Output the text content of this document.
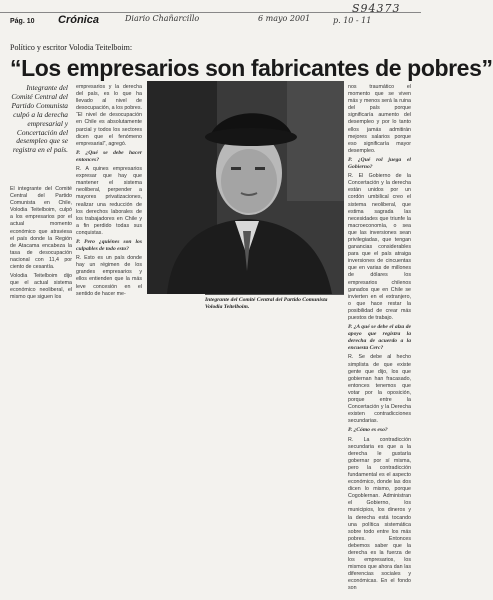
Pág. 10 Crónica	Diario Chañarcillo	6 mayo 2001	p. 10 - 11
S94373
Político y escritor Volodia Teitelboim:
“Los empresarios son fabricantes de pobres”
Integrante del Comité Central del Partido Comunista culpó a la derecha empresarial y Concertación del desempleo que se registra en el país.

El integrante del Comité Central del Partido Comunista en Chile, Volodia Teitelboim, culpó a los empresarios por el actual momento económico que atraviesa el país donde la Región de Atacama encabeza la tasa de desocupación nacional con 11,4 por ciento de cesantía.

Volodia Teitelboim dijo que el actual sistema económico neoliberal, el mismo que siguen los

empresarios y la derecha del país, es lo que ha llevado al nivel de desocupación, a los pobres. “El nivel de desocupación en Chile es absolutamente parcial y todos los sectores dicen que el fenómeno empresarial”, agregó.

P. ¿Qué se debe hacer entonces?

R. A quines empresarios expresar que hay que mantener el sistema neoliberal, perpender a mayores privatizaciones, realizar una reducción de los derechos laborales de los trabajadores en Chile y a fin perdido todas sus conquistas.

P. Pero ¿quiénes son los culpables de todo esto?

R. Esto es un país donde hay un régimen de los grandes empresarios y ellos entienden que la más leve concesión en el sentido de hacer me-

Integrante del Comité Central del Partido Comunista Volodia Teitelboim.

nos traumático el momento que se viven más y menos será la ruina del país porque significaría aumento del desempleo y por lo tanto ellos jamás admitirán mejores salarios porque eso significaría mayor desempleo.

P. ¿Qué rol juega el Gobierno?

R. El Gobierno de la Concertación y la derecha están unidos por un cordón umbilical creo el sistema neoliberal, que estima sagrada las necesidades que triunfe la macroeconomía, o sea que las inversiones sean privilegiadas, que tengan ganancias considerables para que el país atraiga inversiones de cincuentas que en varias de millones de dólares los empresarios chilenos ganados que en Chile se invierten en el extranjero, o que hace restar la posibilidad de crear más puestos de trabajo.

P. ¿A qué se debe el alza de apoyo que registra la derecha de acuerdo a la encuesta Cerc?

R. Se debe al hecho simplista de que existe gente que dijo, los que gobiernan han fracasado, entonces tenemos que votar por la oposición, porque entre la Concertación y la Derecha existen contradicciones secundarias.

P. ¿Cómo es eso?

R. La contradicción secundaria es que a la derecha le gustaría gobernar por sí misma, pero la contradicción fundamental es el aspecto económico, donde las dos dicen lo mismo, porque Cogoblernan. Administran el Gobierno, los municipios, los dineros y la derecha está tocando una política sistemática sobre todo entre los más pobres. Entonces debemos saber que la derecha es la fuerza de los empresarios, los mismos que ahora dan las diferencias sociales y económicas. En el fondo son
